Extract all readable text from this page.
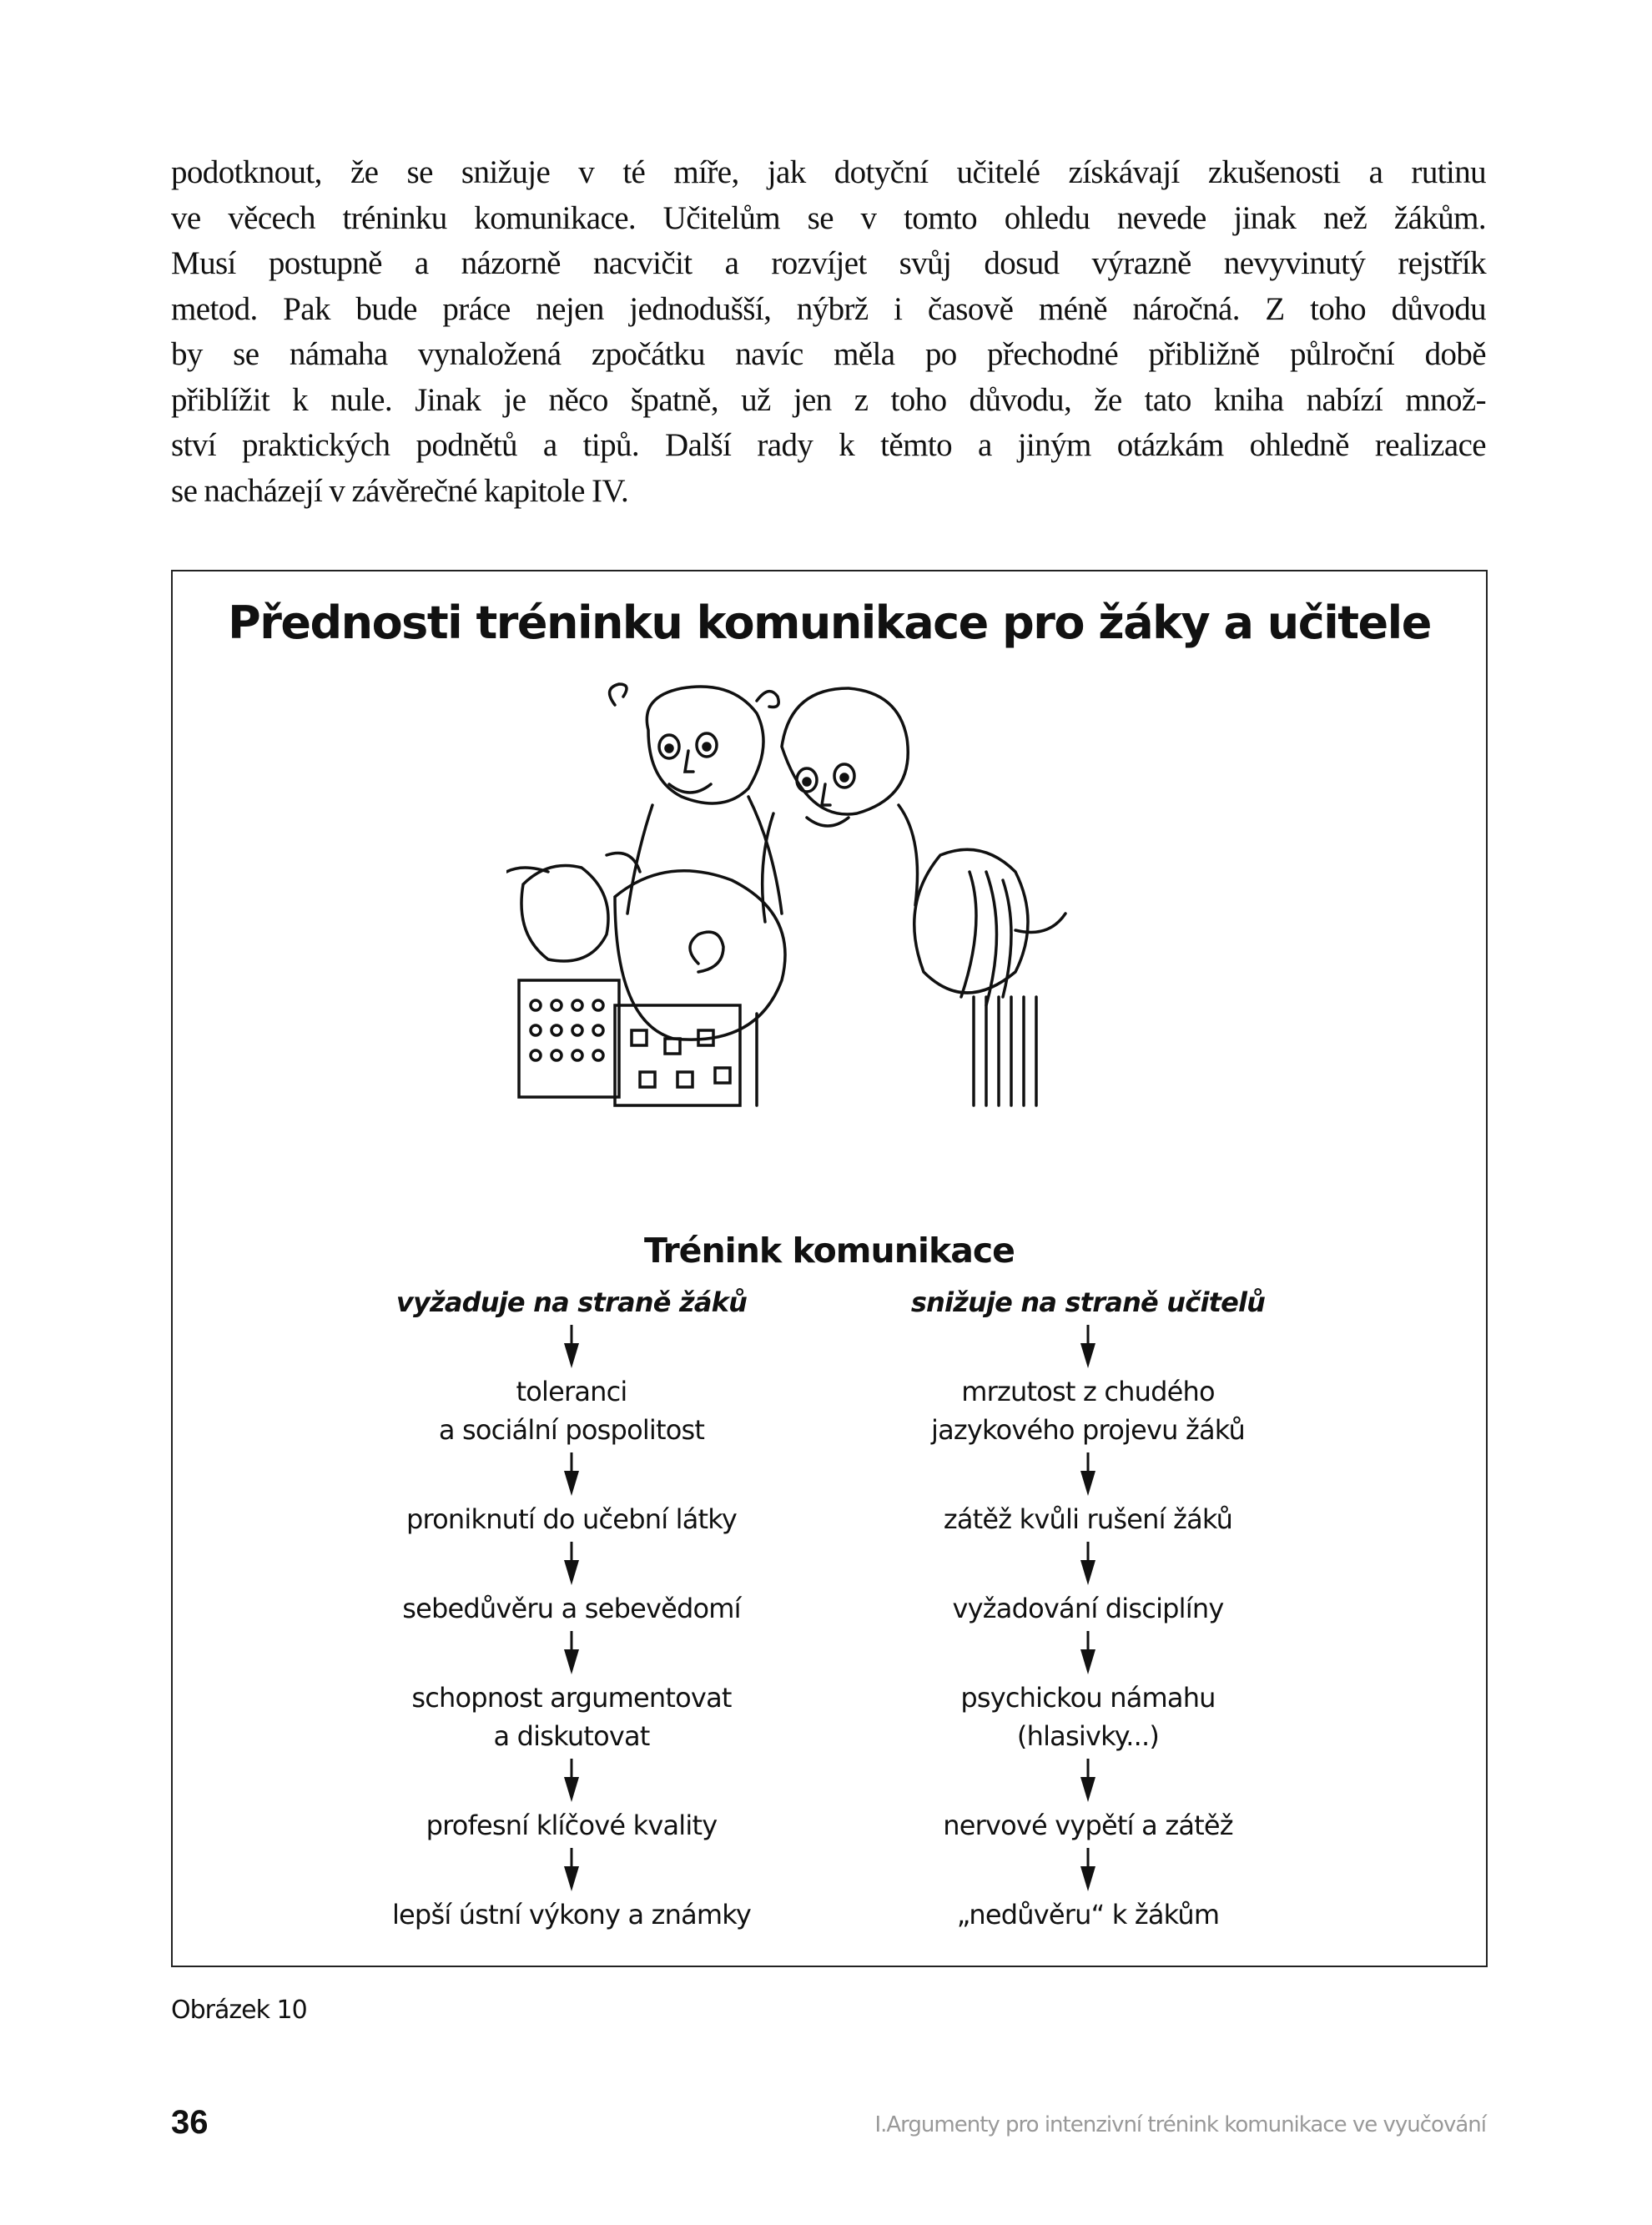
podotknout, že se snižuje v té míře, jak dotyční učitelé získávají zkušenosti a rutinu
ve věcech tréninku komunikace. Učitelům se v tomto ohledu nevede jinak než žákům.
Musí postupně a názorně nacvičit a rozvíjet svůj dosud výrazně nevyvinutý rejstřík
metod. Pak bude práce nejen jednodušší, nýbrž i časově méně náročná. Z toho důvodu
by se námaha vynaložená zpočátku navíc měla po přechodné přibližně půlroční době
přiblížit k nule. Jinak je něco špatně, už jen z toho důvodu, že tato kniha nabízí množ-
ství praktických podnětů a tipů. Další rady k těmto a jiným otázkám ohledně realizace
se nacházejí v závěrečné kapitole IV.
Přednosti tréninku komunikace pro žáky a učitele
Trénink komunikace
vyžaduje na straně žáků
toleranci
a sociální pospolitost
proniknutí do učební látky
sebedůvěru a sebevědomí
schopnost argumentovat
a diskutovat
profesní klíčové kvality
lepší ústní výkony a známky
snižuje na straně učitelů
mrzutost z chudého
jazykového projevu žáků
zátěž kvůli rušení žáků
vyžadování disciplíny
psychickou námahu
(hlasivky...)
nervové vypětí a zátěž
„nedůvěru“ k žákům
Obrázek 10
36	I.Argumenty pro intenzivní trénink komunikace ve vyučování
